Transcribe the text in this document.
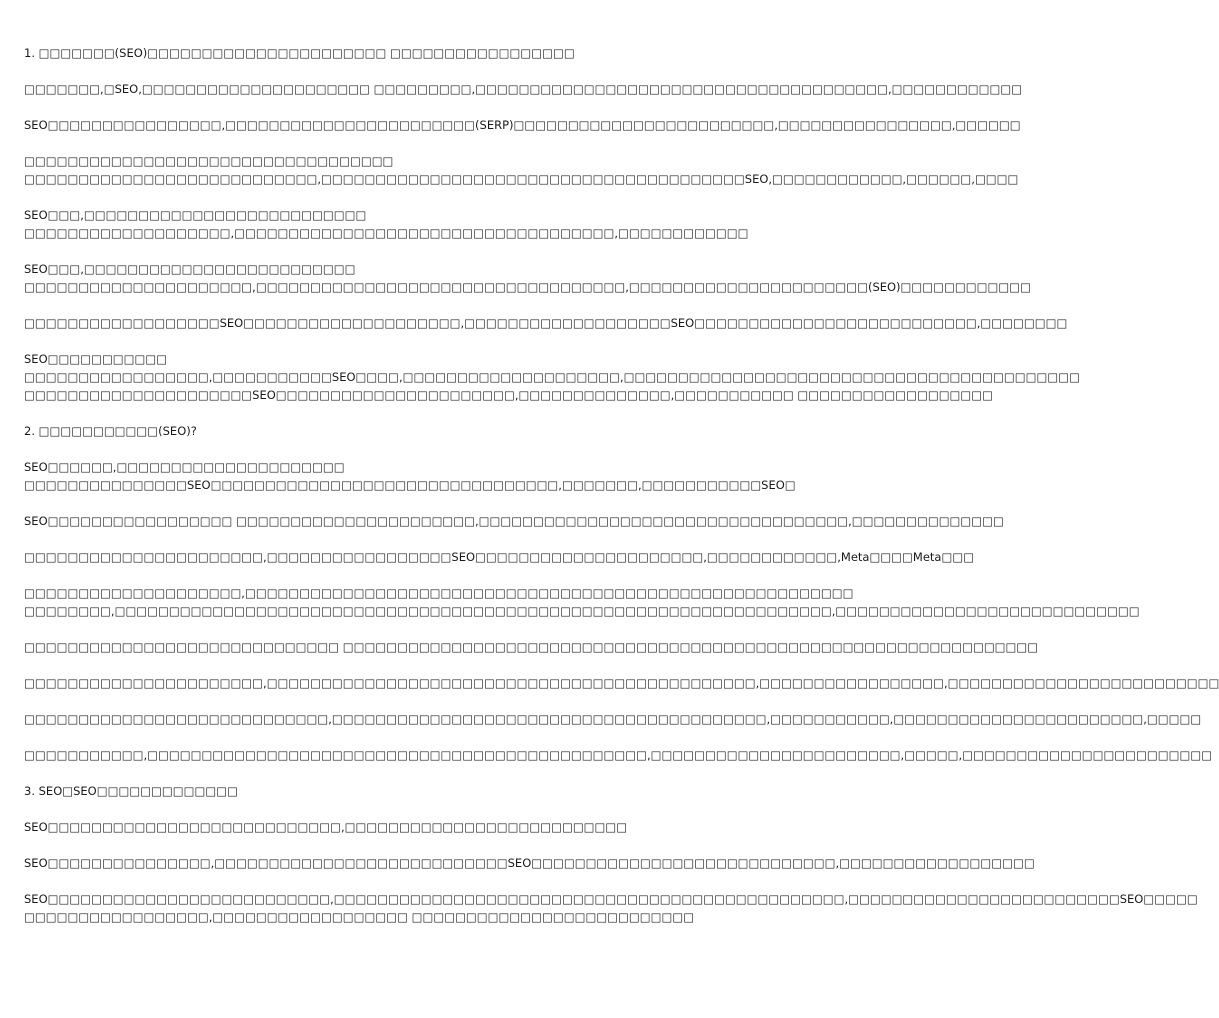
1. □□□□□□□(SEO)□□□□□□□□□□□□□□□□□□□□□□ □□□□□□□□□□□□□□□□□
□□□□□□□,□SEO,□□□□□□□□□□□□□□□□□□□□□ □□□□□□□□□,□□□□□□□□□□□□□□□□□□□□□□□□□□□□□□□□□□□□□□,□□□□□□□□□□□□
SEO□□□□□□□□□□□□□□□□,□□□□□□□□□□□□□□□□□□□□□□□(SERP)□□□□□□□□□□□□□□□□□□□□□□□□,□□□□□□□□□□□□□□□□,□□□□□□
□□□□□□□□□□□□□□□□□□□□□□□□□□□□□□□□□□
□□□□□□□□□□□□□□□□□□□□□□□□□□□,□□□□□□□□□□□□□□□□□□□□□□□□□□□□□□□□□□□□□□□SEO,□□□□□□□□□□□□,□□□□□□,□□□□
SEO□□□,□□□□□□□□□□□□□□□□□□□□□□□□□□
□□□□□□□□□□□□□□□□□□□,□□□□□□□□□□□□□□□□□□□□□□□□□□□□□□□□□□□,□□□□□□□□□□□□
SEO□□□,□□□□□□□□□□□□□□□□□□□□□□□□□
□□□□□□□□□□□□□□□□□□□□□,□□□□□□□□□□□□□□□□□□□□□□□□□□□□□□□□□□,□□□□□□□□□□□□□□□□□□□□□□(SEO)□□□□□□□□□□□□
□□□□□□□□□□□□□□□□□□SEO□□□□□□□□□□□□□□□□□□□□,□□□□□□□□□□□□□□□□□□□SEO□□□□□□□□□□□□□□□□□□□□□□□□□□,□□□□□□□□
SEO□□□□□□□□□□□
□□□□□□□□□□□□□□□□□,□□□□□□□□□□□SEO□□□□,□□□□□□□□□□□□□□□□□□□□,□□□□□□□□□□□□□□□□□□□□□□□□□□□□□□□□□□□□□□□□□□
□□□□□□□□□□□□□□□□□□□□□SEO□□□□□□□□□□□□□□□□□□□□□□,□□□□□□□□□□□□□□,□□□□□□□□□□□ □□□□□□□□□□□□□□□□□□
2. □□□□□□□□□□□(SEO)?
SEO□□□□□□,□□□□□□□□□□□□□□□□□□□□□
□□□□□□□□□□□□□□□SEO□□□□□□□□□□□□□□□□□□□□□□□□□□□□□□□□,□□□□□□□,□□□□□□□□□□□SEO□
SEO□□□□□□□□□□□□□□□□□ □□□□□□□□□□□□□□□□□□□□□□,□□□□□□□□□□□□□□□□□□□□□□□□□□□□□□□□□□,□□□□□□□□□□□□□□
□□□□□□□□□□□□□□□□□□□□□□,□□□□□□□□□□□□□□□□□SEO□□□□□□□□□□□□□□□□□□□□□,□□□□□□□□□□□□,Meta□□□□Meta□□□
□□□□□□□□□□□□□□□□□□□□,□□□□□□□□□□□□□□□□□□□□□□□□□□□□□□□□□□□□□□□□□□□□□□□□□□□□□□□□
□□□□□□□□,□□□□□□□□□□□□□□□□□□□□□□□□□□□□□□□□□□□□□□□□□□□□□□□□□□□□□□□□□□□□□□□□□□,□□□□□□□□□□□□□□□□□□□□□□□□□□□□
□□□□□□□□□□□□□□□□□□□□□□□□□□□□□ □□□□□□□□□□□□□□□□□□□□□□□□□□□□□□□□□□□□□□□□□□□□□□□□□□□□□□□□□□□□□□□□
□□□□□□□□□□□□□□□□□□□□□□,□□□□□□□□□□□□□□□□□□□□□□□□□□□□□□□□□□□□□□□□□□□□□,□□□□□□□□□□□□□□□□□,□□□□□□□□□□□□□□□□□□□□□□□□□
□□□□□□□□□□□□□□□□□□□□□□□□□□□□,□□□□□□□□□□□□□□□□□□□□□□□□□□□□□□□□□□□□□□□□,□□□□□□□□□□□,□□□□□□□□□□□□□□□□□□□□□□□,□□□□□
□□□□□□□□□□□,□□□□□□□□□□□□□□□□□□□□□□□□□□□□□□□□□□□□□□□□□□□□□□,□□□□□□□□□□□□□□□□□□□□□□□,□□□□□,□□□□□□□□□□□□□□□□□□□□□□□
3. SEO□SEO□□□□□□□□□□□□□
SEO□□□□□□□□□□□□□□□□□□□□□□□□□□□,□□□□□□□□□□□□□□□□□□□□□□□□□□
SEO□□□□□□□□□□□□□□□,□□□□□□□□□□□□□□□□□□□□□□□□□□□SEO□□□□□□□□□□□□□□□□□□□□□□□□□□□□,□□□□□□□□□□□□□□□□□□
SEO□□□□□□□□□□□□□□□□□□□□□□□□□□,□□□□□□□□□□□□□□□□□□□□□□□□□□□□□□□□□□□□□□□□□□□□□□□,□□□□□□□□□□□□□□□□□□□□□□□□□SEO□□□□□
□□□□□□□□□□□□□□□□□,□□□□□□□□□□□□□□□□□□ □□□□□□□□□□□□□□□□□□□□□□□□□□
